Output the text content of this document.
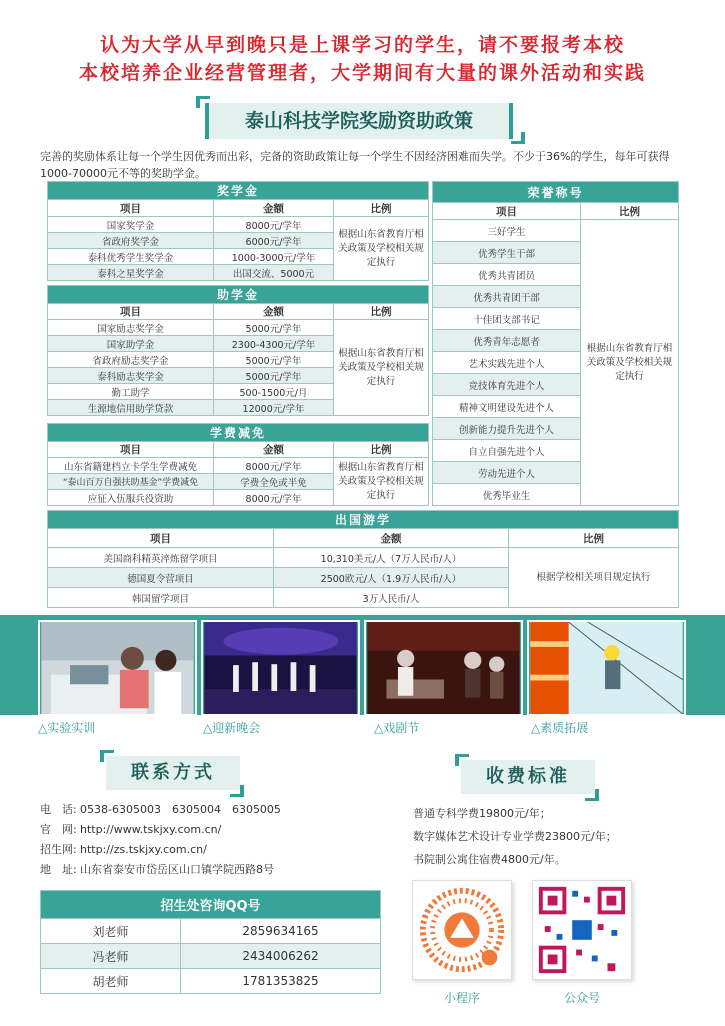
认为大学从早到晚只是上课学习的学生，请不要报考本校
本校培养企业经营管理者，大学期间有大量的课外活动和实践
泰山科技学院奖励资助政策
完善的奖励体系让每一个学生因优秀而出彩，完备的资助政策让每一个学生不因经济困难而失学。不少于36%的学生，每年可获得1000-70000元不等的奖助学金。
奖学金		
项目	金额	比例
国家奖学金	8000元/学年	根据山东省教育厅相关政策及学校相关规定执行
省政府奖学金	6000元/学年	
泰科优秀学生奖学金	1000-3000元/学年	
泰科之星奖学金	出国交流、5000元	
助学金		
项目	金额	比例
国家励志奖学金	5000元/学年	根据山东省教育厅相关政策及学校相关规定执行
国家助学金	2300-4300元/学年	
省政府励志奖学金	5000元/学年	
泰科励志奖学金	5000元/学年	
勤工助学	500-1500元/月	
生源地信用助学贷款	12000元/学年	
学费减免		
项目	金额	比例
山东省籍建档立卡学生学费减免	8000元/学年	根据山东省教育厅相关政策及学校相关规定执行
“泰山百万自强扶助基金”学费减免	学费全免或半免	
应征入伍服兵役资助	8000元/学年	
荣誉称号	
项目	比例
三好学生	根据山东省教育厅相关政策及学校相关规定执行
优秀学生干部	
优秀共青团员	
优秀共青团干部	
十佳团支部书记	
优秀青年志愿者	
艺术实践先进个人	
竞技体育先进个人	
精神文明建设先进个人	
创新能力提升先进个人	
自立自强先进个人	
劳动先进个人	
优秀毕业生	
出国游学		
项目	金额	比例
美国商科精英淬炼留学项目	10,310美元/人（7万人民币/人）	根据学校相关项目规定执行
德国夏令营项目	2500欧元/人（1.9万人民币/人）	
韩国留学项目	3万人民币/人	
△实验实训	△迎新晚会	△戏剧节	△素质拓展
联系方式
电　话: 0538-6305003　6305004　6305005
官　网: http://www.tskjxy.com.cn/
招生网: http://zs.tskjxy.com.cn/
地　址: 山东省泰安市岱岳区山口镇学院西路8号
收费标准
普通专科学费19800元/年；
数字媒体艺术设计专业学费23800元/年；
书院制公寓住宿费4800元/年。
招生处咨询QQ号	
刘老师	2859634165
冯老师	2434006262
胡老师	1781353825
小程序	公众号
